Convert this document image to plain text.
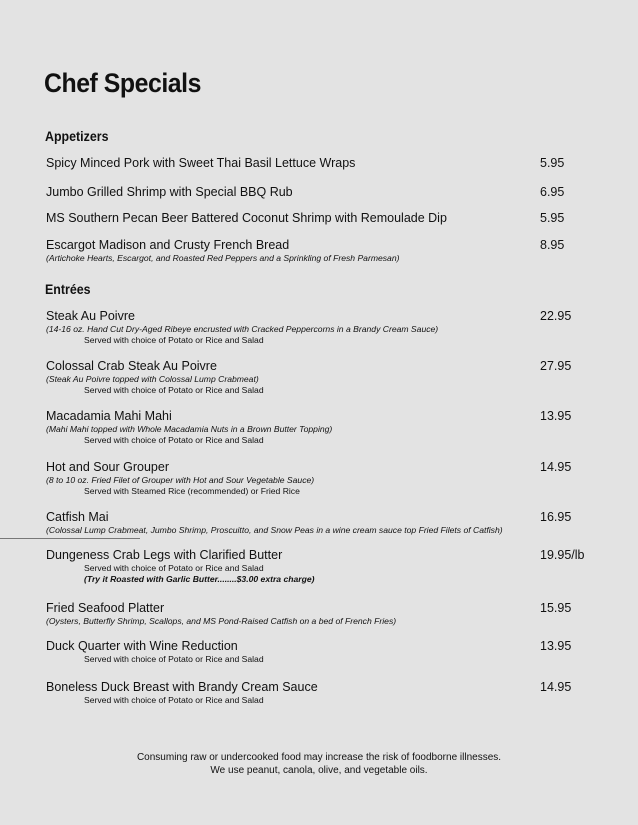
Chef Specials
Appetizers
Spicy Minced Pork with Sweet Thai Basil Lettuce Wraps	5.95
Jumbo Grilled Shrimp with Special BBQ Rub	6.95
MS Southern Pecan Beer Battered Coconut Shrimp with Remoulade Dip	5.95
Escargot Madison and Crusty French Bread	8.95
(Artichoke Hearts, Escargot, and Roasted Red Peppers and a Sprinkling of Fresh Parmesan)
Entrées
Steak Au Poivre	22.95
(14-16 oz. Hand Cut Dry-Aged Ribeye encrusted with Cracked Peppercorns in a Brandy Cream Sauce)
Served with choice of Potato or Rice and Salad
Colossal Crab Steak Au Poivre	27.95
(Steak Au Poivre topped with Colossal Lump Crabmeat)
Served with choice of Potato or Rice and Salad
Macadamia Mahi Mahi	13.95
(Mahi Mahi topped with Whole Macadamia Nuts in a Brown Butter Topping)
Served with choice of Potato or Rice and Salad
Hot and Sour Grouper	14.95
(8 to 10 oz. Fried Filet of Grouper with Hot and Sour Vegetable Sauce)
Served with Steamed Rice (recommended) or Fried Rice
Catfish Mai	16.95
(Colossal Lump Crabmeat, Jumbo Shrimp, Proscuitto, and Snow Peas in a wine cream sauce top Fried Filets of Catfish)
Dungeness Crab Legs with Clarified Butter	19.95/lb
Served with choice of Potato or Rice and Salad
(Try it Roasted with Garlic Butter........$3.00 extra charge)
Fried Seafood Platter	15.95
(Oysters, Butterfly Shrimp, Scallops, and MS Pond-Raised Catfish on a bed of French Fries)
Duck Quarter with Wine Reduction	13.95
Served with choice of Potato or Rice and Salad
Boneless Duck Breast with Brandy Cream Sauce	14.95
Served with choice of Potato or Rice and Salad
Consuming raw or undercooked food may increase the risk of foodborne illnesses.
We use peanut, canola, olive, and vegetable oils.
